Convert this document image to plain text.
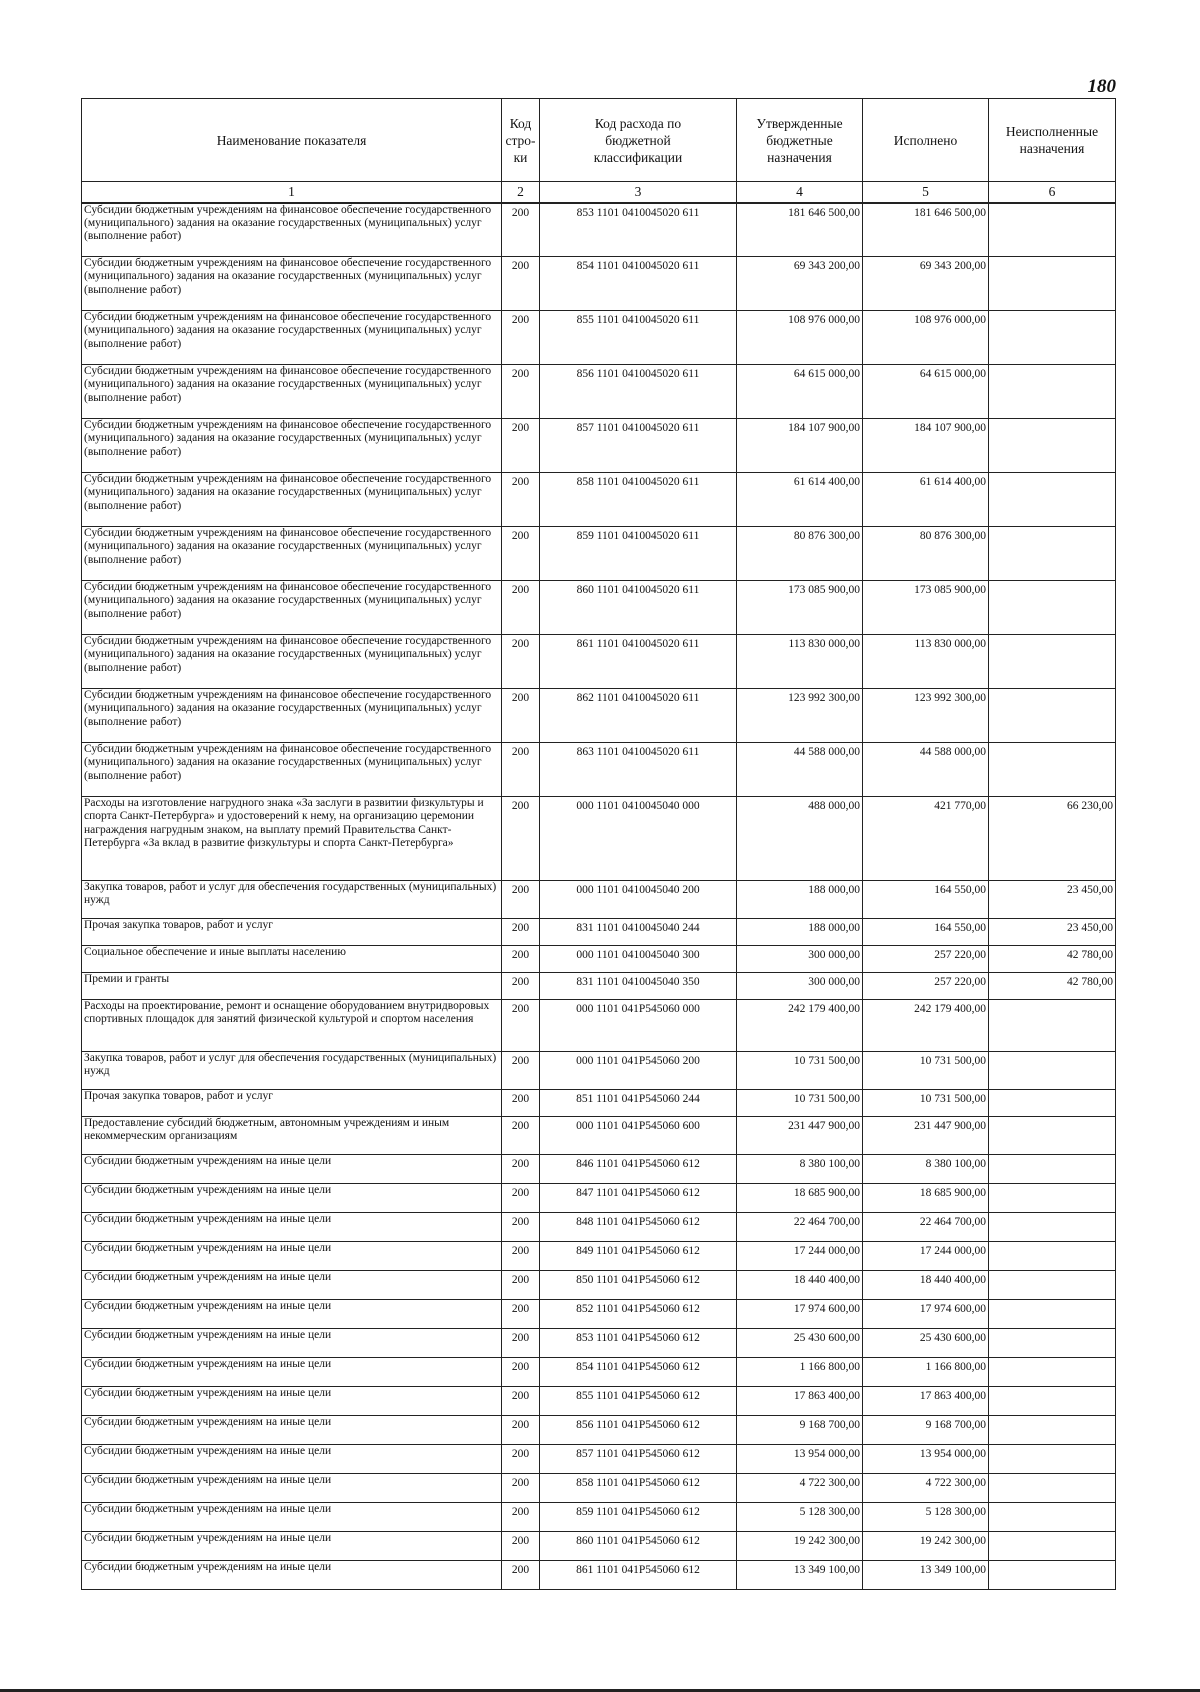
180
Наименование показателя	Код стро- ки	Код расхода по бюджетной классификации	Утвержденные бюджетные назначения	Исполнено	Неисполненные назначения
1	2	3	4	5	6
Субсидии бюджетным учреждениям на финансовое обеспечение государственного (муниципального) задания на оказание государственных (муниципальных) услуг (выполнение работ)	200	853 1101 0410045020 611	181 646 500,00	181 646 500,00	
Субсидии бюджетным учреждениям на финансовое обеспечение государственного (муниципального) задания на оказание государственных (муниципальных) услуг (выполнение работ)	200	854 1101 0410045020 611	69 343 200,00	69 343 200,00	
Субсидии бюджетным учреждениям на финансовое обеспечение государственного (муниципального) задания на оказание государственных (муниципальных) услуг (выполнение работ)	200	855 1101 0410045020 611	108 976 000,00	108 976 000,00	
Субсидии бюджетным учреждениям на финансовое обеспечение государственного (муниципального) задания на оказание государственных (муниципальных) услуг (выполнение работ)	200	856 1101 0410045020 611	64 615 000,00	64 615 000,00	
Субсидии бюджетным учреждениям на финансовое обеспечение государственного (муниципального) задания на оказание государственных (муниципальных) услуг (выполнение работ)	200	857 1101 0410045020 611	184 107 900,00	184 107 900,00	
Субсидии бюджетным учреждениям на финансовое обеспечение государственного (муниципального) задания на оказание государственных (муниципальных) услуг (выполнение работ)	200	858 1101 0410045020 611	61 614 400,00	61 614 400,00	
Субсидии бюджетным учреждениям на финансовое обеспечение государственного (муниципального) задания на оказание государственных (муниципальных) услуг (выполнение работ)	200	859 1101 0410045020 611	80 876 300,00	80 876 300,00	
Субсидии бюджетным учреждениям на финансовое обеспечение государственного (муниципального) задания на оказание государственных (муниципальных) услуг (выполнение работ)	200	860 1101 0410045020 611	173 085 900,00	173 085 900,00	
Субсидии бюджетным учреждениям на финансовое обеспечение государственного (муниципального) задания на оказание государственных (муниципальных) услуг (выполнение работ)	200	861 1101 0410045020 611	113 830 000,00	113 830 000,00	
Субсидии бюджетным учреждениям на финансовое обеспечение государственного (муниципального) задания на оказание государственных (муниципальных) услуг (выполнение работ)	200	862 1101 0410045020 611	123 992 300,00	123 992 300,00	
Субсидии бюджетным учреждениям на финансовое обеспечение государственного (муниципального) задания на оказание государственных (муниципальных) услуг (выполнение работ)	200	863 1101 0410045020 611	44 588 000,00	44 588 000,00	
Расходы на изготовление нагрудного знака «За заслуги в развитии физкультуры и спорта Санкт-Петербурга» и удостоверений к нему, на организацию церемонии награждения нагрудным знаком, на выплату премий Правительства Санкт-Петербурга «За вклад в развитие физкультуры и спорта Санкт-Петербурга»	200	000 1101 0410045040 000	488 000,00	421 770,00	66 230,00
Закупка товаров, работ и услуг для обеспечения государственных (муниципальных) нужд	200	000 1101 0410045040 200	188 000,00	164 550,00	23 450,00
Прочая закупка товаров, работ и услуг	200	831 1101 0410045040 244	188 000,00	164 550,00	23 450,00
Социальное обеспечение и иные выплаты населению	200	000 1101 0410045040 300	300 000,00	257 220,00	42 780,00
Премии и гранты	200	831 1101 0410045040 350	300 000,00	257 220,00	42 780,00
Расходы на проектирование, ремонт и оснащение оборудованием внутридворовых спортивных площадок для занятий физической культурой и спортом населения	200	000 1101 041P545060 000	242 179 400,00	242 179 400,00	
Закупка товаров, работ и услуг для обеспечения государственных (муниципальных) нужд	200	000 1101 041P545060 200	10 731 500,00	10 731 500,00	
Прочая закупка товаров, работ и услуг	200	851 1101 041P545060 244	10 731 500,00	10 731 500,00	
Предоставление субсидий бюджетным, автономным учреждениям и иным некоммерческим организациям	200	000 1101 041P545060 600	231 447 900,00	231 447 900,00	
Субсидии бюджетным учреждениям на иные цели	200	846 1101 041P545060 612	8 380 100,00	8 380 100,00	
Субсидии бюджетным учреждениям на иные цели	200	847 1101 041P545060 612	18 685 900,00	18 685 900,00	
Субсидии бюджетным учреждениям на иные цели	200	848 1101 041P545060 612	22 464 700,00	22 464 700,00	
Субсидии бюджетным учреждениям на иные цели	200	849 1101 041P545060 612	17 244 000,00	17 244 000,00	
Субсидии бюджетным учреждениям на иные цели	200	850 1101 041P545060 612	18 440 400,00	18 440 400,00	
Субсидии бюджетным учреждениям на иные цели	200	852 1101 041P545060 612	17 974 600,00	17 974 600,00	
Субсидии бюджетным учреждениям на иные цели	200	853 1101 041P545060 612	25 430 600,00	25 430 600,00	
Субсидии бюджетным учреждениям на иные цели	200	854 1101 041P545060 612	1 166 800,00	1 166 800,00	
Субсидии бюджетным учреждениям на иные цели	200	855 1101 041P545060 612	17 863 400,00	17 863 400,00	
Субсидии бюджетным учреждениям на иные цели	200	856 1101 041P545060 612	9 168 700,00	9 168 700,00	
Субсидии бюджетным учреждениям на иные цели	200	857 1101 041P545060 612	13 954 000,00	13 954 000,00	
Субсидии бюджетным учреждениям на иные цели	200	858 1101 041P545060 612	4 722 300,00	4 722 300,00	
Субсидии бюджетным учреждениям на иные цели	200	859 1101 041P545060 612	5 128 300,00	5 128 300,00	
Субсидии бюджетным учреждениям на иные цели	200	860 1101 041P545060 612	19 242 300,00	19 242 300,00	
Субсидии бюджетным учреждениям на иные цели	200	861 1101 041P545060 612	13 349 100,00	13 349 100,00	
